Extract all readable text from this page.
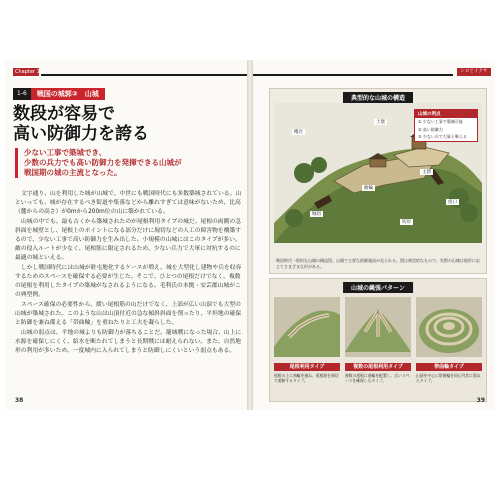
Chapter 1
1-6	戦国の城郭②　山城
数段が容易で
高い防御力を誇る

少ない工事で築城でき、

少数の兵力でも高い防御力を発揮できる山城が

戦国期の城の主流となった。

文字通り、山を利用した城が山城で、中世にも戦国時代にも多数築城されている。山といっても、城が存在するべき街道や集落などから離れすぎては意味がないため、比高（麓からの高さ）が0mから200m位の山に築かれている。

山城の中でも、最も古くから築城されたのが尾根利用タイプの城だ。尾根の両側の急斜面を城壁とし、尾根上のポイントになる部分だけに堀切などの人工の障害物を構築するので、少ない工事で高い防御力を生み出した。小規模の山城にはこのタイプが多い。敵の侵入ルートが少なく、尾根筋に限定されるため、少ない兵力で大軍に対抗するのに最適の城といえる。

しかし戦国時代には山城が駐屯地化するケースが増え、城を大型化し建物や兵を収容するためのスペースを確保する必要が生じた。そこで、ひとつの尾根だけでなく、複数の尾根を利用したタイプの築城がなされるようになる。毛利氏の本拠・安芸郡山城がこの典型例。

スペース確保の必要性から、緩い尾根筋の山だけでなく、上部が広い山頂でも大型の山城が築城された。このような山は山頂付近の急な傾斜斜面を削ったり、平坦地の確保と防御を兼ね備える「帯曲輪」を重ねたりと工夫を凝らした。

山城の弱点は、平地の城よりも防御力が落ちることだ。籠城戦になった場合、山上に水源を確保しにくく、給水を断たれてしまうと長期戦には耐えられない。また、自然地形の利用が多いため、一度城内に入られてしまうと防御しにくいという弱点もある。

38
シロとイクサ
典型的な山城の構造
山城の利点
① 少ない工事で築城可能
② 高い防御力
③ 少ない兵で大軍と戦える
櫓台
土塁
主郭
曲輪
堀切
虎口
切岸
戦国時代一般的な山城の構造図。山城で主要な防御施設が見られる。図は典型的なもので、実際の山城は地形に応じてさまざまな形がある。
山城の縄張パターン
尾根利用タイプ
尾根の上に曲輪を連ね、尾根筋を堀切で遮断するタイプ。
複数の尾根利用タイプ
複数の尾根に曲輪を配置し、広いスペースを確保したタイプ。
帯曲輪タイプ
山頂を中心に帯曲輪を同心円状に重ねたタイプ。
39
